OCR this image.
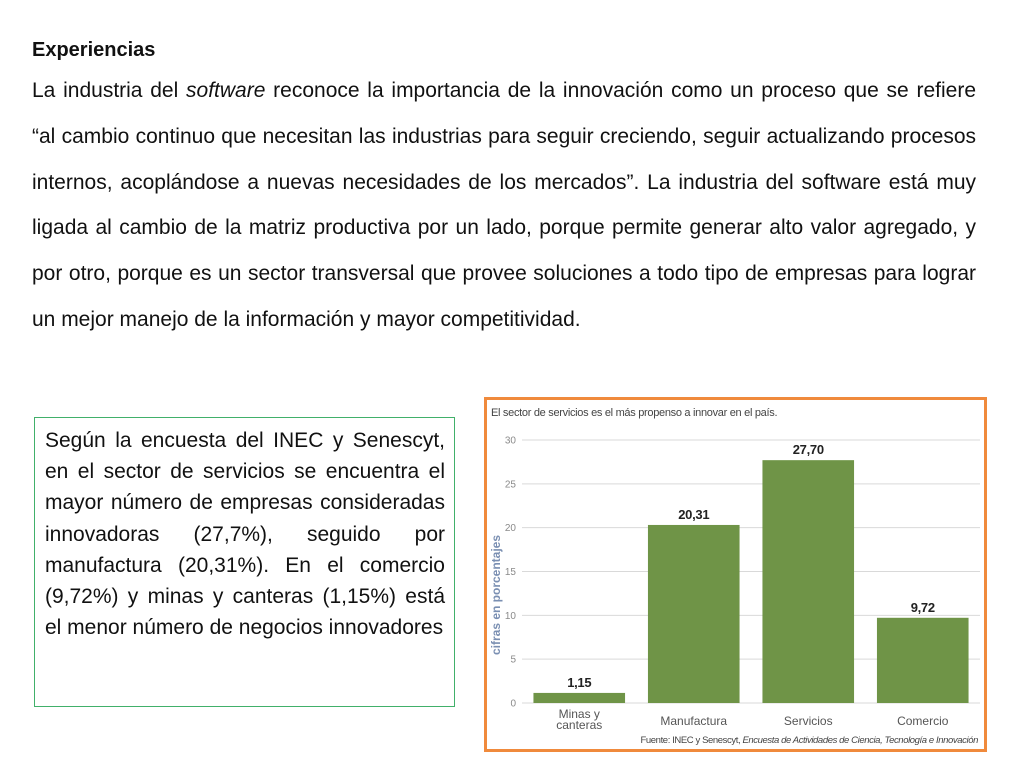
Experiencias

La industria del software reconoce la importancia de la innovación como un proceso que se refiere “al cambio continuo que necesitan las industrias para seguir creciendo, seguir actualizando procesos internos, acoplándose a nuevas necesidades de los mercados”. La industria del software está muy ligada al cambio de la matriz productiva por un lado, porque permite generar alto valor agregado, y por otro, porque es un sector transversal que provee soluciones a todo tipo de empresas para lograr un mejor manejo de la información y mayor competitividad.

Según la encuesta del INEC y Senescyt, en el sector de servicios se encuentra el mayor número de empresas consideradas innovadoras (27,7%), seguido por manufactura (20,31%). En el comercio (9,72%) y minas y canteras (1,15%) está el menor número de negocios innovadores
El sector de servicios es el más propenso a innovar en el país.
0
5
10
15
20
25
30
1,15
20,31
27,70
9,72
Minas y canteras	Manufactura	Servicios	Comercio
cifras en porcentajes
Fuente: INEC y Senescyt, Encuesta de Actividades de Ciencia, Tecnología e Innovación
